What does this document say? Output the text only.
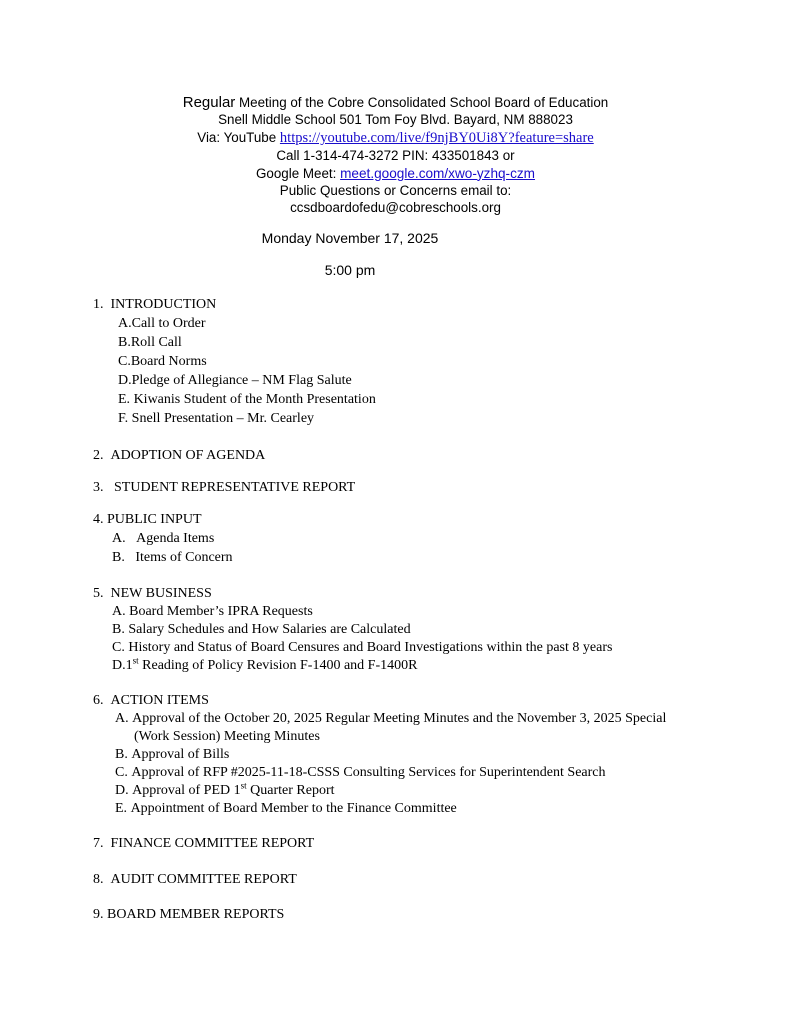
Regular Meeting of the Cobre Consolidated School Board of Education
Snell Middle School 501 Tom Foy Blvd. Bayard, NM 888023
Via: YouTube https://youtube.com/live/f9njBY0Ui8Y?feature=share
Call 1-314-474-3272 PIN: 433501843 or
Google Meet: meet.google.com/xwo-yzhq-czm
Public Questions or Concerns email to:
ccsdboardofedu@cobreschools.org
Monday November 17, 2025
5:00 pm
1. INTRODUCTION
A.Call to Order
B.Roll Call
C.Board Norms
D.Pledge of Allegiance – NM Flag Salute
E. Kiwanis Student of the Month Presentation
F. Snell Presentation – Mr. Cearley
2. ADOPTION OF AGENDA
3. STUDENT REPRESENTATIVE REPORT
4. PUBLIC INPUT
A. Agenda Items
B. Items of Concern
5. NEW BUSINESS
A. Board Member’s IPRA Requests
B. Salary Schedules and How Salaries are Calculated
C. History and Status of Board Censures and Board Investigations within the past 8 years
D.1st Reading of Policy Revision F-1400 and F-1400R
6. ACTION ITEMS
A. Approval of the October 20, 2025 Regular Meeting Minutes and the November 3, 2025 Special
(Work Session) Meeting Minutes
B. Approval of Bills
C. Approval of RFP #2025-11-18-CSSS Consulting Services for Superintendent Search
D. Approval of PED 1st Quarter Report
E. Appointment of Board Member to the Finance Committee
7. FINANCE COMMITTEE REPORT
8. AUDIT COMMITTEE REPORT
9. BOARD MEMBER REPORTS
